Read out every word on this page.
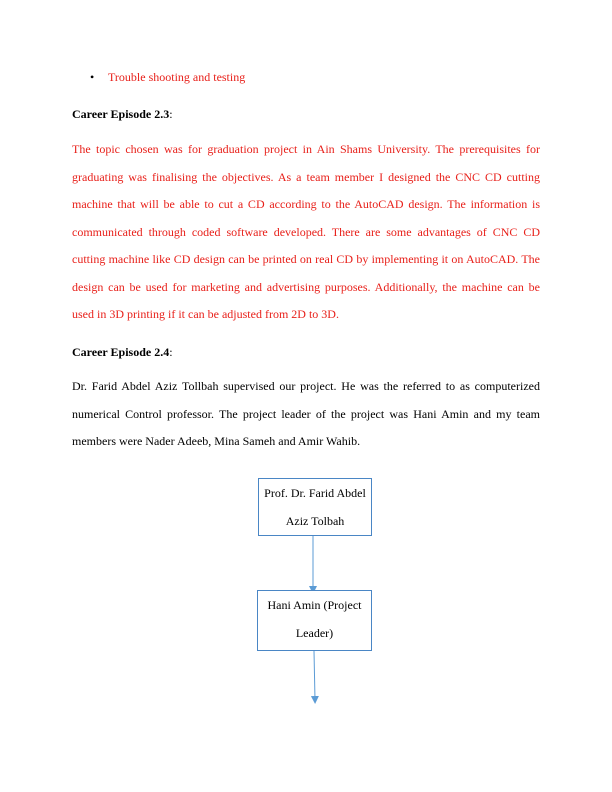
•	Trouble shooting and testing
Career Episode 2.3:

The topic chosen was for graduation project in Ain Shams University. The prerequisites for graduating was finalising the objectives. As a team member I designed the CNC CD cutting machine that will be able to cut a CD according to the AutoCAD design. The information is communicated through coded software developed. There are some advantages of CNC CD cutting machine like CD design can be printed on real CD by implementing it on AutoCAD. The design can be used for marketing and advertising purposes. Additionally, the machine can be used in 3D printing if it can be adjusted from 2D to 3D.

Career Episode 2.4:

Dr. Farid Abdel Aziz Tollbah supervised our project. He was the referred to as computerized numerical Control professor. The project leader of the project was Hani Amin and my team members were Nader Adeeb, Mina Sameh and Amir Wahib.

Prof. Dr. Farid Abdel Aziz Tolbah
Hani Amin (Project Leader)
